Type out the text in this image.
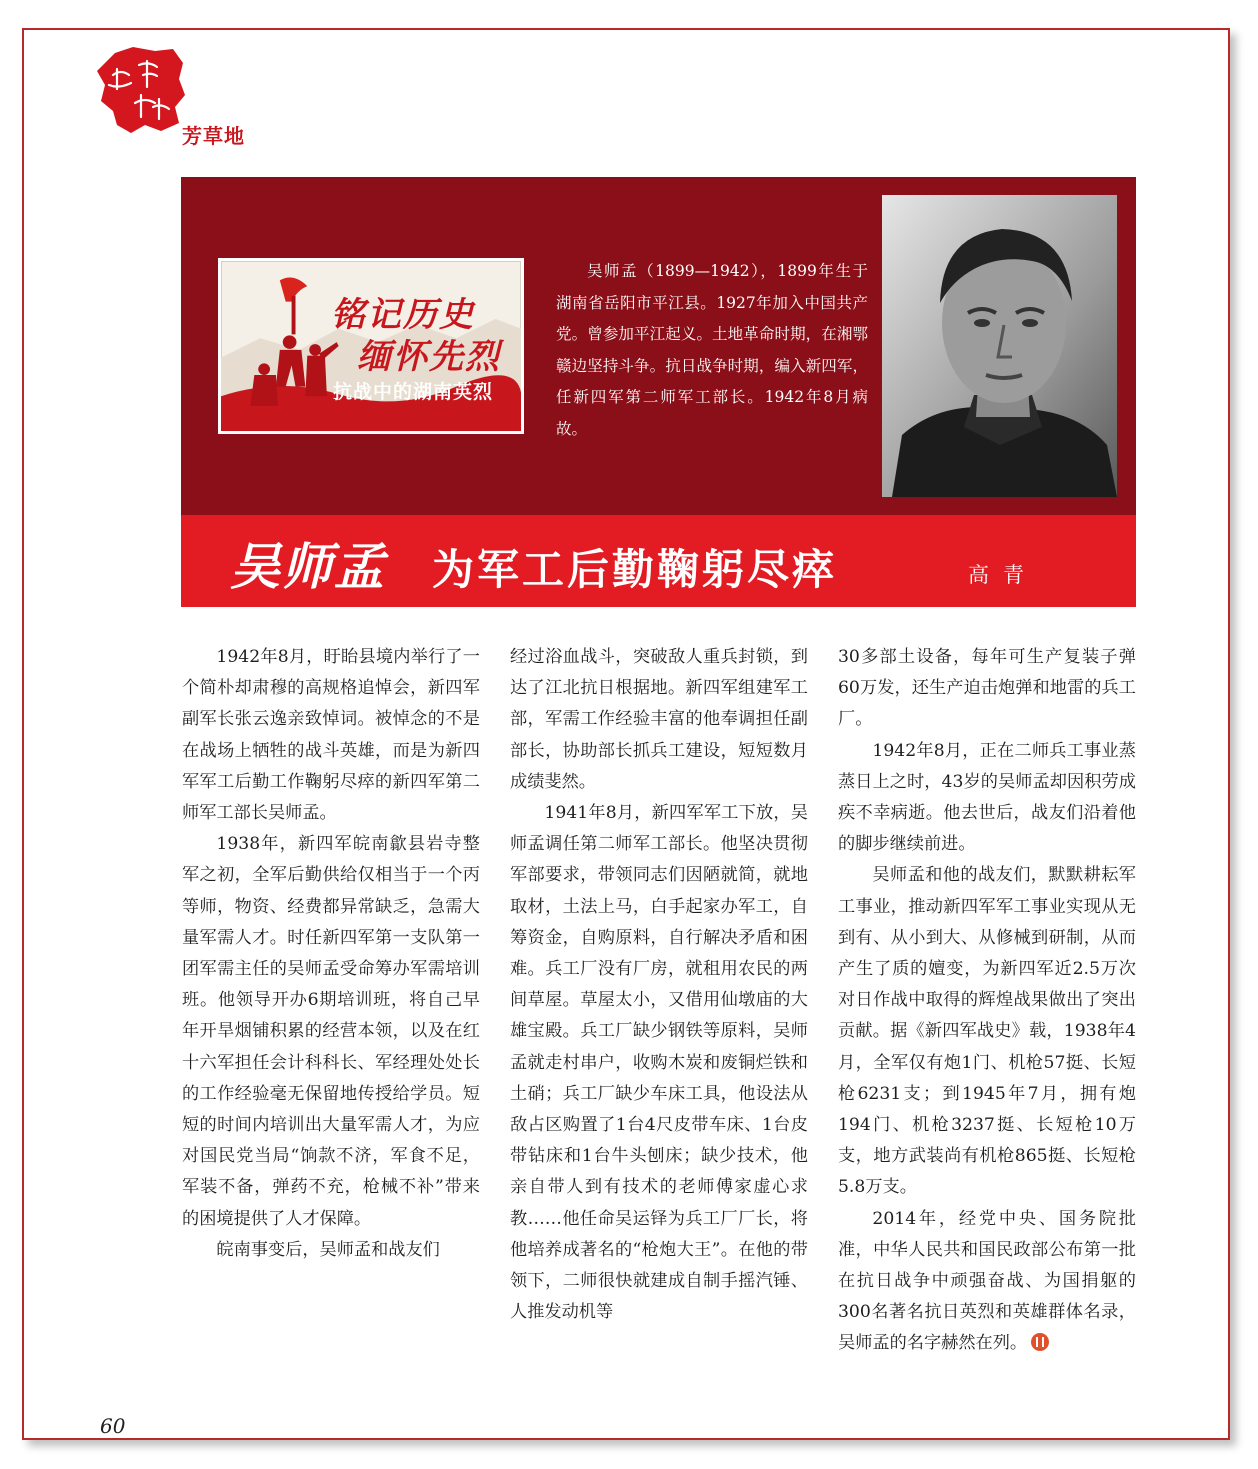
芳草地
铭记历史
缅怀先烈
抗战中的湖南英烈
吴师孟（1899—1942），1899年生于湖南省岳阳市平江县。1927年加入中国共产党。曾参加平江起义。土地革命时期，在湘鄂赣边坚持斗争。抗日战争时期，编入新四军，任新四军第二师军工部长。1942年8月病故。
吴师孟 为军工后勤鞠躬尽瘁	高青

1942年8月，盱眙县境内举行了一个简朴却肃穆的高规格追悼会，新四军副军长张云逸亲致悼词。被悼念的不是在战场上牺牲的战斗英雄，而是为新四军军工后勤工作鞠躬尽瘁的新四军第二师军工部长吴师孟。

1938年，新四军皖南歙县岩寺整军之初，全军后勤供给仅相当于一个丙等师，物资、经费都异常缺乏，急需大量军需人才。时任新四军第一支队第一团军需主任的吴师孟受命筹办军需培训班。他领导开办6期培训班，将自己早年开旱烟铺积累的经营本领，以及在红十六军担任会计科科长、军经理处处长的工作经验毫无保留地传授给学员。短短的时间内培训出大量军需人才，为应对国民党当局“饷款不济，军食不足，军装不备，弹药不充，枪械不补”带来的困境提供了人才保障。

皖南事变后，吴师孟和战友们

经过浴血战斗，突破敌人重兵封锁，到达了江北抗日根据地。新四军组建军工部，军需工作经验丰富的他奉调担任副部长，协助部长抓兵工建设，短短数月成绩斐然。

1941年8月，新四军军工下放，吴师孟调任第二师军工部长。他坚决贯彻军部要求，带领同志们因陋就简，就地取材，土法上马，白手起家办军工，自筹资金，自购原料，自行解决矛盾和困难。兵工厂没有厂房，就租用农民的两间草屋。草屋太小，又借用仙墩庙的大雄宝殿。兵工厂缺少钢铁等原料，吴师孟就走村串户，收购木炭和废铜烂铁和土硝；兵工厂缺少车床工具，他设法从敌占区购置了1台4尺皮带车床、1台皮带钻床和1台牛头刨床；缺少技术，他亲自带人到有技术的老师傅家虚心求教……他任命吴运铎为兵工厂厂长，将他培养成著名的“枪炮大王”。在他的带领下，二师很快就建成自制手摇汽锤、人推发动机等

30多部土设备，每年可生产复装子弹60万发，还生产迫击炮弹和地雷的兵工厂。

1942年8月，正在二师兵工事业蒸蒸日上之时，43岁的吴师孟却因积劳成疾不幸病逝。他去世后，战友们沿着他的脚步继续前进。

吴师孟和他的战友们，默默耕耘军工事业，推动新四军军工事业实现从无到有、从小到大、从修械到研制，从而产生了质的嬗变，为新四军近2.5万次对日作战中取得的辉煌战果做出了突出贡献。据《新四军战史》载，1938年4月，全军仅有炮1门、机枪57挺、长短枪6231支；到1945年7月，拥有炮194门、机枪3237挺、长短枪10万支，地方武装尚有机枪865挺、长短枪5.8万支。

2014年，经党中央、国务院批准，中华人民共和国民政部公布第一批在抗日战争中顽强奋战、为国捐躯的300名著名抗日英烈和英雄群体名录，吴师孟的名字赫然在列。

60
